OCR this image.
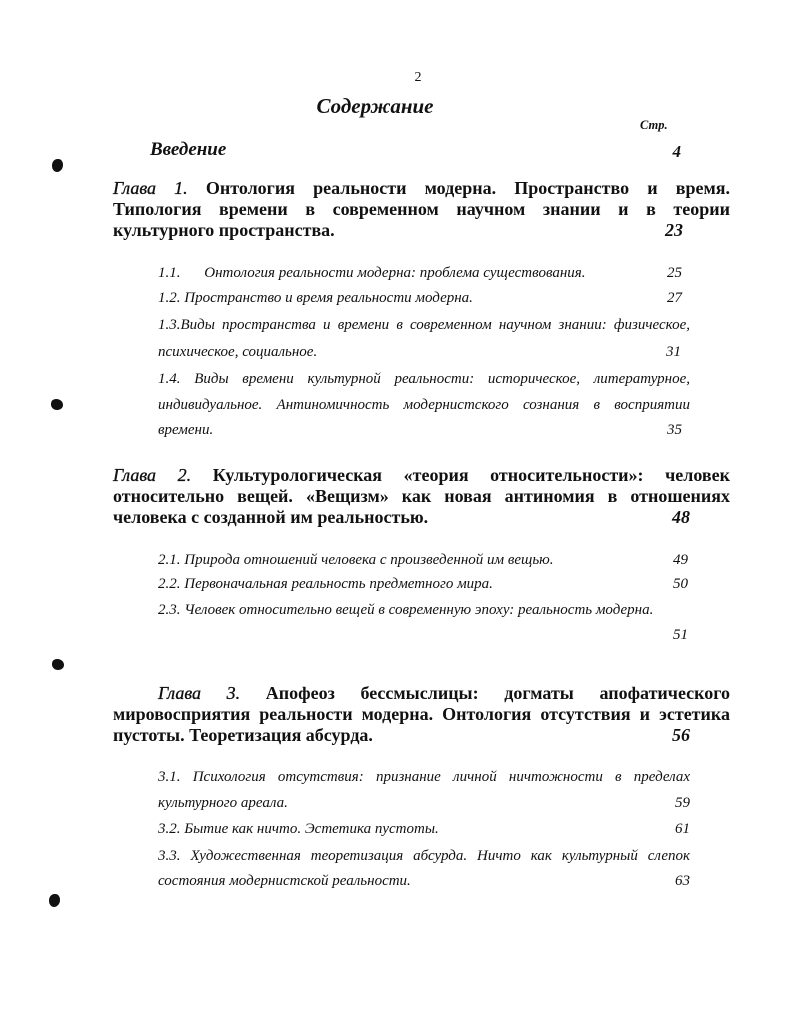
2
Содержание
Стр.
Введение	4
Глава 1. Онтология реальности модерна. Пространство и время.
Типология времени в современном научном знании и в теории
культурного пространства.	23
1.1. Онтология реальности модерна: проблема существования.	25
1.2. Пространство и время реальности модерна.	27
1.3.Виды пространства и времени в современном научном знании: физическое,
психическое, социальное.	31
1.4. Виды времени культурной реальности: историческое, литературное,
индивидуальное. Антиномичность модернистского сознания в восприятии
времени.	35
Глава 2. Культурологическая «теория относительности»: человек
относительно вещей. «Вещизм» как новая антиномия в отношениях
человека с созданной им реальностью.	48
2.1. Природа отношений человека с произведенной им вещью.	49
2.2. Первоначальная реальность предметного мира.	50
2.3. Человек относительно вещей в современную эпоху: реальность модерна.
51
Глава 3. Апофеоз бессмыслицы: догматы апофатического
мировосприятия реальности модерна. Онтология отсутствия и эстетика
пустоты. Теоретизация абсурда.	56
3.1. Психология отсутствия: признание личной ничтожности в пределах
культурного ареала.	59
3.2. Бытие как ничто. Эстетика пустоты.	61
3.3. Художественная теоретизация абсурда. Ничто как культурный слепок
состояния модернистской реальности.	63
